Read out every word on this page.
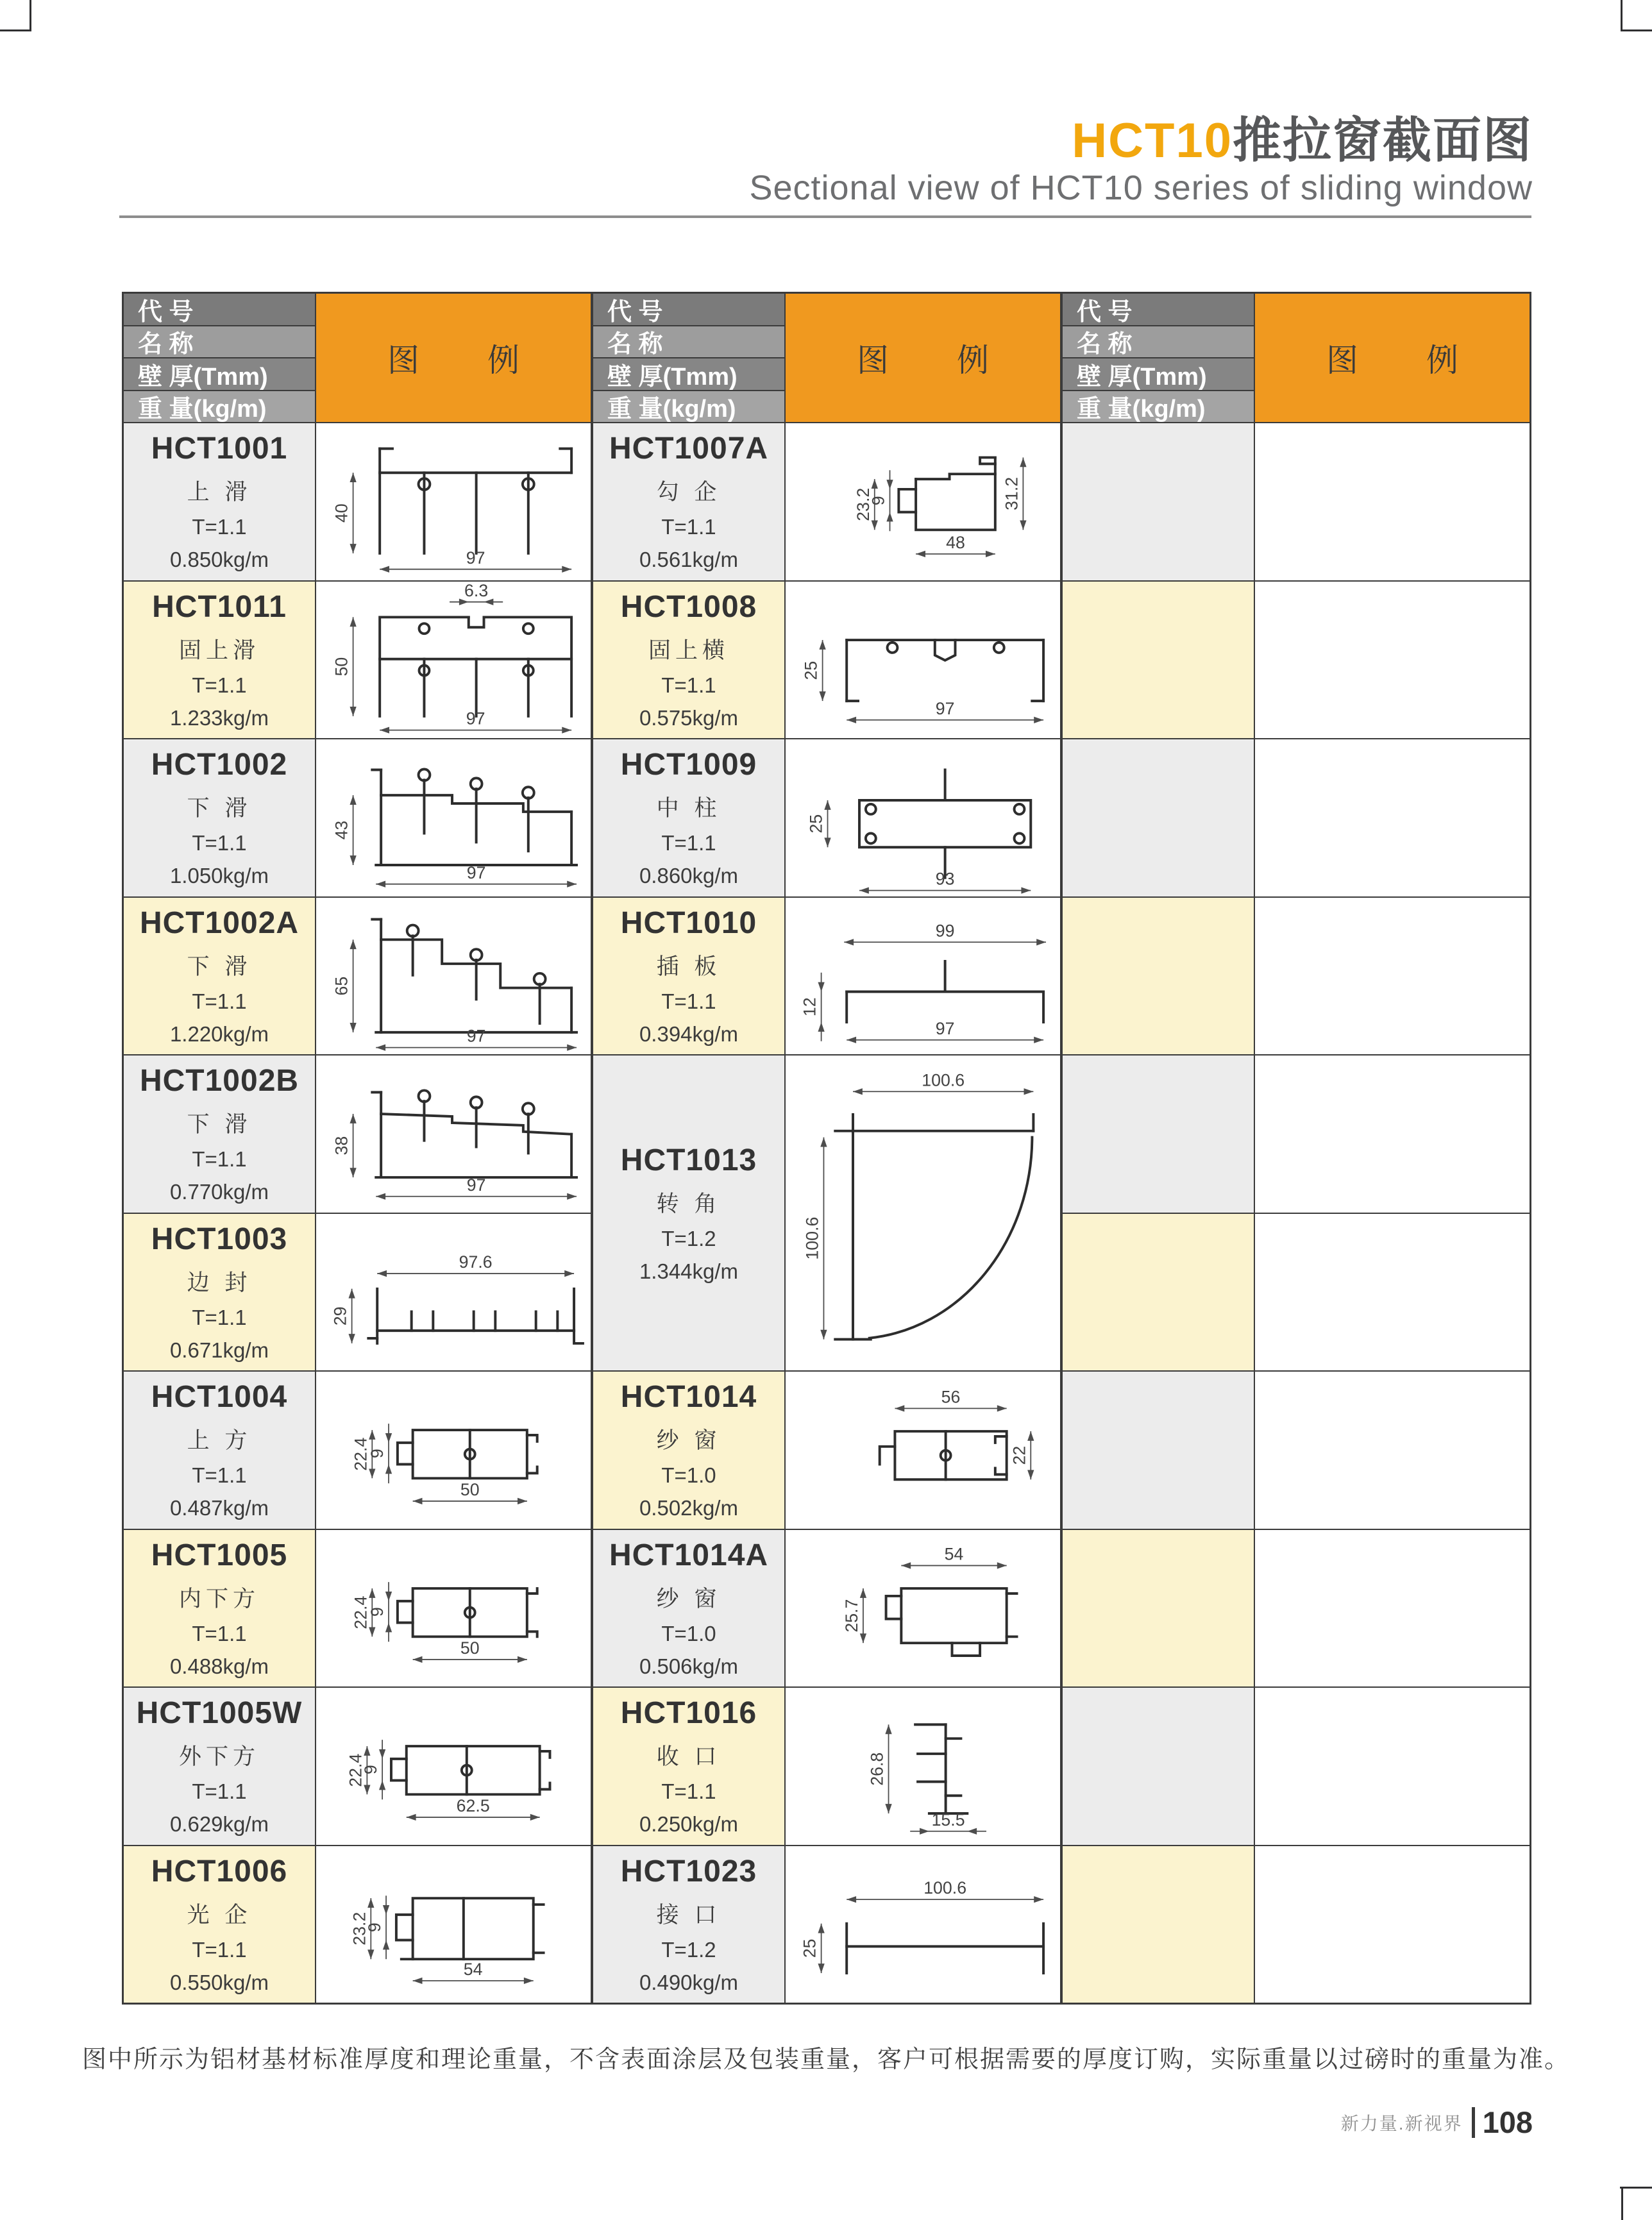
HCT10推拉窗截面图
Sectional view of HCT10 series of sliding window
代 号
名 称
壁 厚(Tmm)
重 量(kg/m)
图 例
HCT1001
上 滑
T=1.1
0.850kg/m
40
97
HCT1011
固上滑
T=1.1
1.233kg/m
6.3
50
97
HCT1002
下 滑
T=1.1
1.050kg/m
43
97
HCT1002A
下 滑
T=1.1
1.220kg/m
65
97
HCT1002B
下 滑
T=1.1
0.770kg/m
38
97
HCT1003
边 封
T=1.1
0.671kg/m
97.6
29
HCT1004
上 方
T=1.1
0.487kg/m
22.4
9
50
HCT1005
内下方
T=1.1
0.488kg/m
22.4
9
50
HCT1005W
外下方
T=1.1
0.629kg/m
22.4
9
62.5
HCT1006
光 企
T=1.1
0.550kg/m
23.2
9
54
代 号
名 称
壁 厚(Tmm)
重 量(kg/m)
图 例
HCT1007A
勾 企
T=1.1
0.561kg/m
23.2
9	31.2
48
HCT1008
固上横
T=1.1
0.575kg/m
25
97
HCT1009
中 柱
T=1.1
0.860kg/m
25
93
HCT1010
插 板
T=1.1
0.394kg/m
99
12
97
HCT1013
转 角
T=1.2
1.344kg/m
100.6
100.6
HCT1014
纱 窗
T=1.0
0.502kg/m
56
22
HCT1014A
纱 窗
T=1.0
0.506kg/m
54
25.7
HCT1016
收 口
T=1.1
0.250kg/m
26.8
15.5
HCT1023
接 口
T=1.2
0.490kg/m
100.6
25
代 号
名 称
壁 厚(Tmm)
重 量(kg/m)
图 例
图中所示为铝材基材标准厚度和理论重量，不含表面涂层及包装重量，客户可根据需要的厚度订购，实际重量以过磅时的重量为准。
新力量.新视界 108
